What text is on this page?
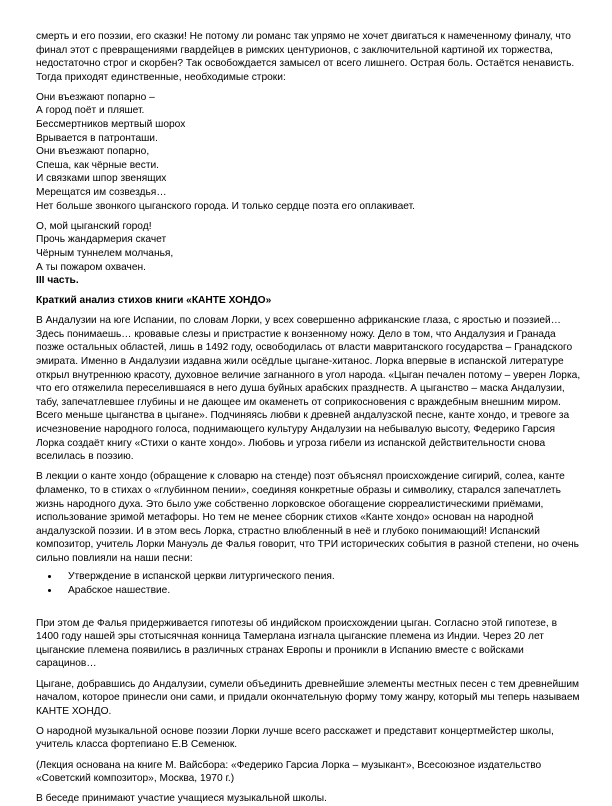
смерть и его поэзии, его сказки! Не потому ли романс так упрямо не хочет двигаться к намеченному финалу, что финал этот с превращениями гвардейцев в римских центурионов, с заключительной картиной их торжества, недостаточно строг и скорбен? Так освобождается замысел от всего лишнего. Острая боль. Остаётся ненависть. Тогда приходят единственные, необходимые строки:

Они въезжают попарно –

А город поёт и пляшет.

Бессмертников мертвый шорох

Врывается в патронташи.

Они въезжают попарно,

Спеша, как чёрные вести.

И связками шпор звенящих

Мерещатся им созвездья…

Нет больше звонкого цыганского города. И только сердце поэта его оплакивает.

О, мой цыганский город!

Прочь жандармерия скачет

Чёрным туннелем молчанья,

А ты пожаром охвачен.

III часть.

Краткий анализ стихов книги «КАНТЕ ХОНДО»

В Андалузии на юге Испании, по словам Лорки, у всех совершенно африканские глаза, с яростью и поэзией… Здесь понимаешь… кровавые слезы и пристрастие к вонзенному ножу. Дело в том, что Андалузия и Гранада позже остальных областей, лишь в 1492 году, освободилась от власти мавританского государства – Гранадского эмирата. Именно в Андалузии издавна жили осёдлые цыгане-хитанос. Лорка впервые в испанской литературе открыл внутреннюю красоту, духовное величие загнанного в угол народа. «Цыган печален потому – уверен Лорка, что его отяжелила переселившаяся в него душа буйных арабских празднеств. А цыганство – маска Андалузии, табу, запечатлевшее глубины и не дающее им окаменеть от соприкосновения с враждебным внешним миром. Всего меньше цыганства в цыгане». Подчиняясь любви к древней андалузской песне, канте хондо, и тревоге за исчезновение народного голоса, поднимающего культуру Андалузии на небывалую высоту, Федерико Гарсия Лорка создаёт книгу «Стихи о канте хондо». Любовь и угроза гибели из испанской действительности снова вселилась в поэзию.

В лекции о канте хондо (обращение к словарю на стенде) поэт объяснял происхождение сигирий, солеа, канте фламенко, то в стихах о «глубинном пении», соединяя конкретные образы и символику, старался запечатлеть жизнь народного духа. Это было уже собственно лорковское обогащение сюрреалистическими приёмами, использование зримой метафоры. Но тем не менее сборник стихов «Канте хондо» основан на народной андалузской поэзии. И в этом весь Лорка, страстно влюбленный в неё и глубоко понимающий! Испанский композитор, учитель Лорки Мануэль де Фалья говорит, что ТРИ исторических события в разной степени, но очень сильно повлияли на наши песни:

• Утверждение в испанской церкви литургического пения.
• Арабское нашествие.

При этом де Фалья придерживается гипотезы об индийском происхождении цыган. Согласно этой гипотезе, в 1400 году нашей эры стотысячная конница Тамерлана изгнала цыганские племена из Индии. Через 20 лет цыганские племена появились в различных странах Европы и проникли в Испанию вместе с войсками сарацинов…

Цыгане, добравшись до Андалузии, сумели объединить древнейшие элементы местных песен с тем древнейшим началом, которое принесли они сами, и придали окончательную форму тому жанру, который мы теперь называем КАНТЕ ХОНДО.

О народной музыкальной основе поэзии Лорки лучше всего расскажет и представит концертмейстер школы, учитель класса фортепиано Е.В Семенюк.

(Лекция основана на книге М. Вайсбора: «Федерико Гарсиа Лорка – музыкант», Всесоюзное издательство «Советский композитор», Москва, 1970 г.)

В беседе принимают участие учащиеся музыкальной школы.
